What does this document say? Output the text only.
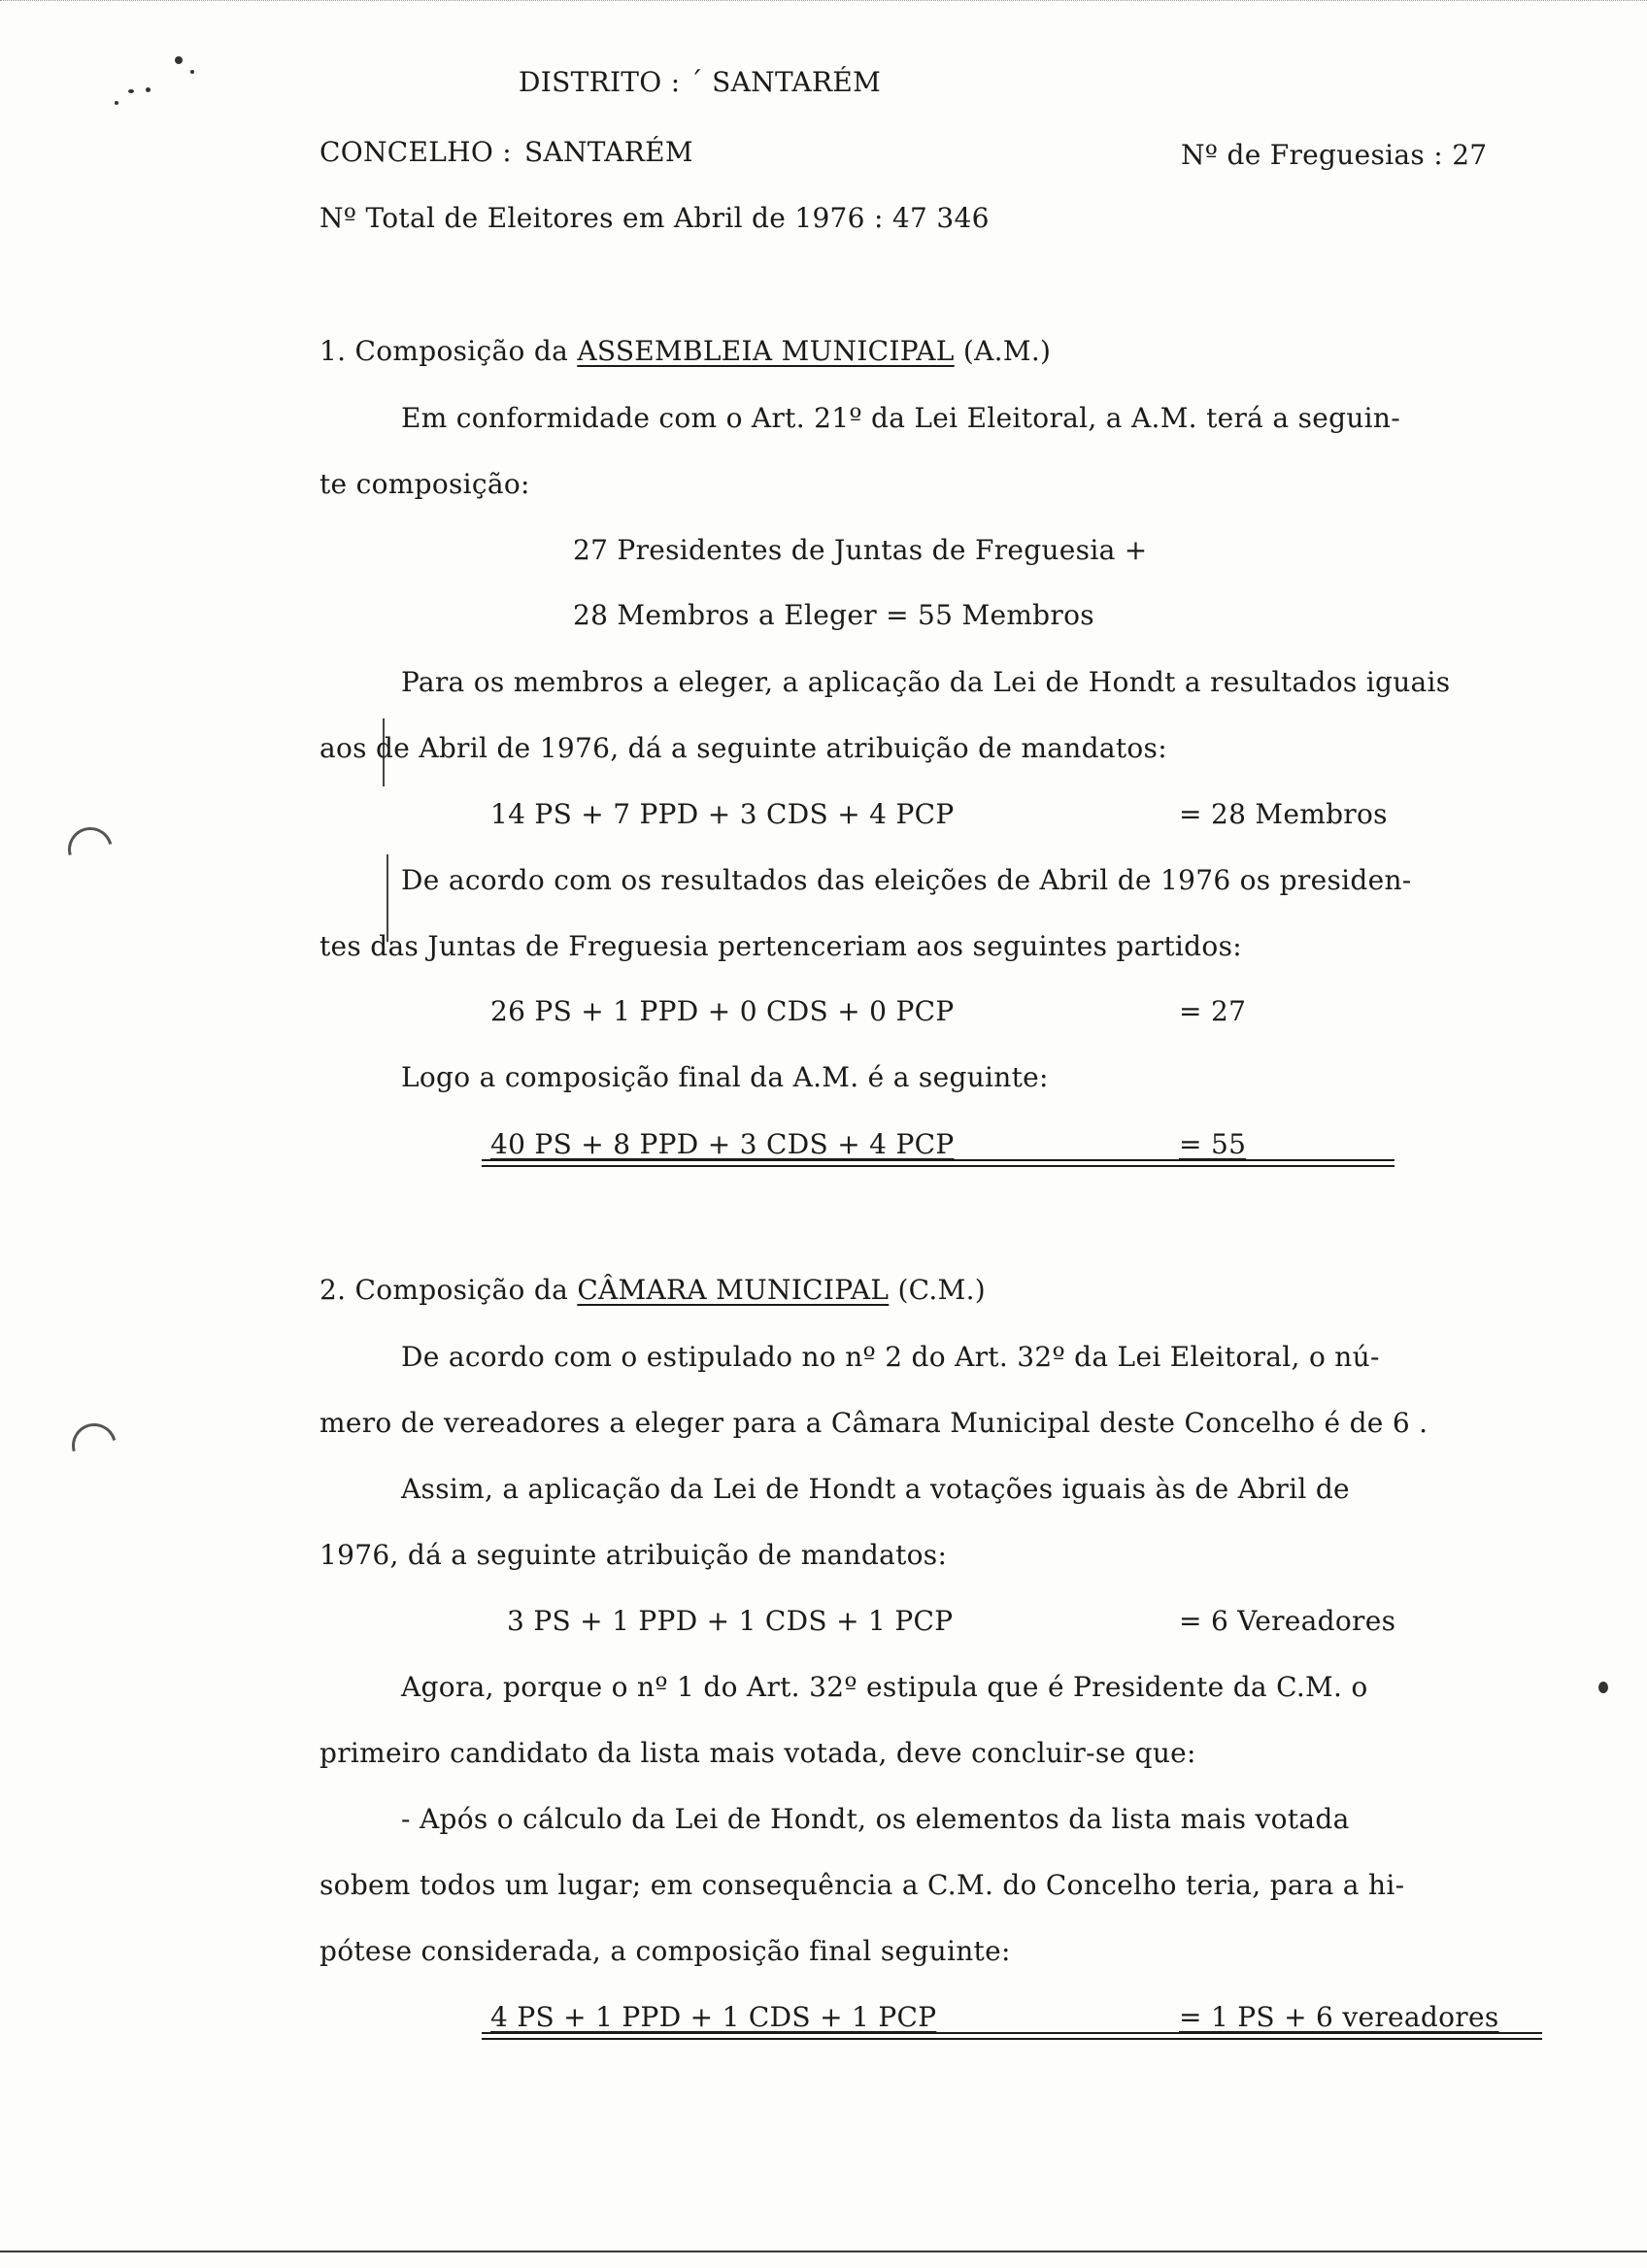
DISTRITO : ´ SANTARÉM
CONCELHO : SANTARÉM	Nº de Freguesias : 27
Nº Total de Eleitores em Abril de 1976 : 47 346
1. Composição da ASSEMBLEIA MUNICIPAL (A.M.)
Em conformidade com o Art. 21º da Lei Eleitoral, a A.M. terá a seguin-
te composição:
27 Presidentes de Juntas de Freguesia +
28 Membros a Eleger = 55 Membros
Para os membros a eleger, a aplicação da Lei de Hondt a resultados iguais
aos de Abril de 1976, dá a seguinte atribuição de mandatos:
14 PS + 7 PPD + 3 CDS + 4 PCP	= 28 Membros
De acordo com os resultados das eleições de Abril de 1976 os presiden-
tes das Juntas de Freguesia pertenceriam aos seguintes partidos:
26 PS + 1 PPD + 0 CDS + 0 PCP	= 27
Logo a composição final da A.M. é a seguinte:
40 PS + 8 PPD + 3 CDS + 4 PCP	= 55
2. Composição da CÂMARA MUNICIPAL (C.M.)
De acordo com o estipulado no nº 2 do Art. 32º da Lei Eleitoral, o nú-
mero de vereadores a eleger para a Câmara Municipal deste Concelho é de 6 .
Assim, a aplicação da Lei de Hondt a votações iguais às de Abril de
1976, dá a seguinte atribuição de mandatos:
3 PS + 1 PPD + 1 CDS + 1 PCP	= 6 Vereadores
Agora, porque o nº 1 do Art. 32º estipula que é Presidente da C.M. o
primeiro candidato da lista mais votada, deve concluir-se que:
- Após o cálculo da Lei de Hondt, os elementos da lista mais votada
sobem todos um lugar; em consequência a C.M. do Concelho teria, para a hi-
pótese considerada, a composição final seguinte:
4 PS + 1 PPD + 1 CDS + 1 PCP	= 1 PS + 6 vereadores
